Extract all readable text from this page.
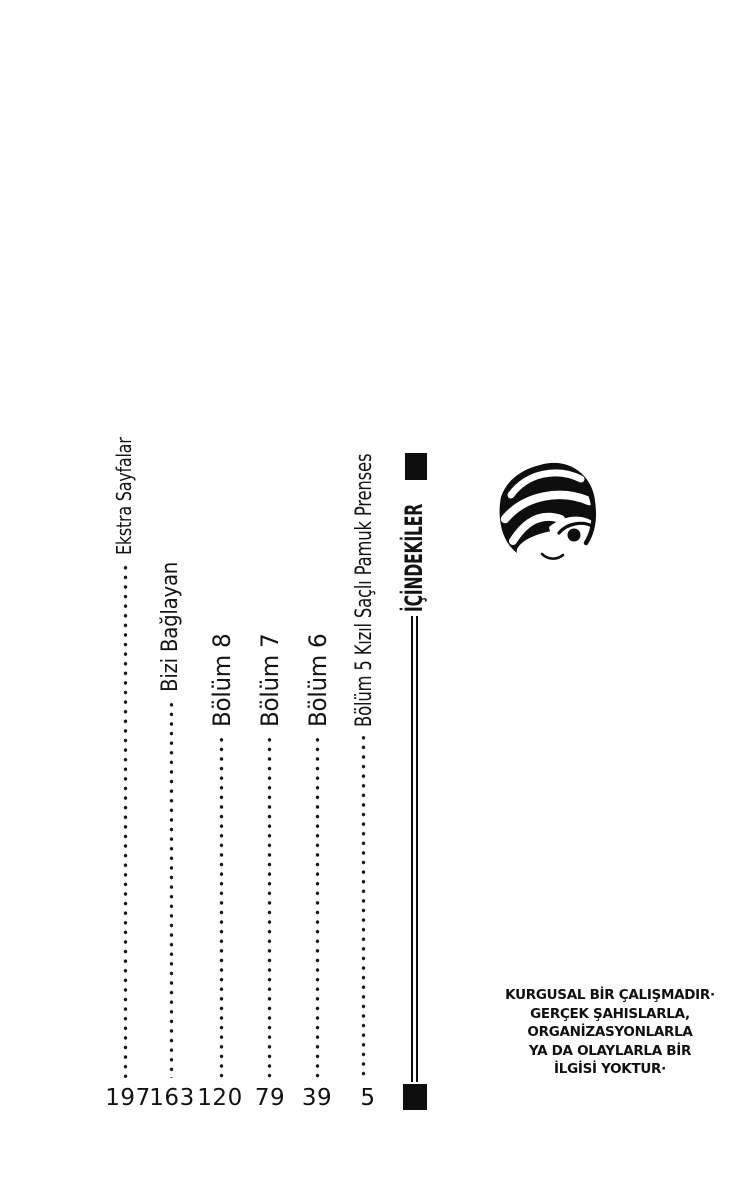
İÇİNDEKİLER
Bölüm 5 Kızıl Saçlı Pamuk Prenses
5
Bölüm 6
39
Bölüm 7
79
Bölüm 8
120
Bizi Bağlayan
163
Ekstra Sayfalar
197
KURGUSAL BİR ÇALIŞMADIR·
GERÇEK ŞAHISLARLA,
ORGANİZASYONLARLA
YA DA OLAYLARLA BİR
İLGİSİ YOKTUR·
